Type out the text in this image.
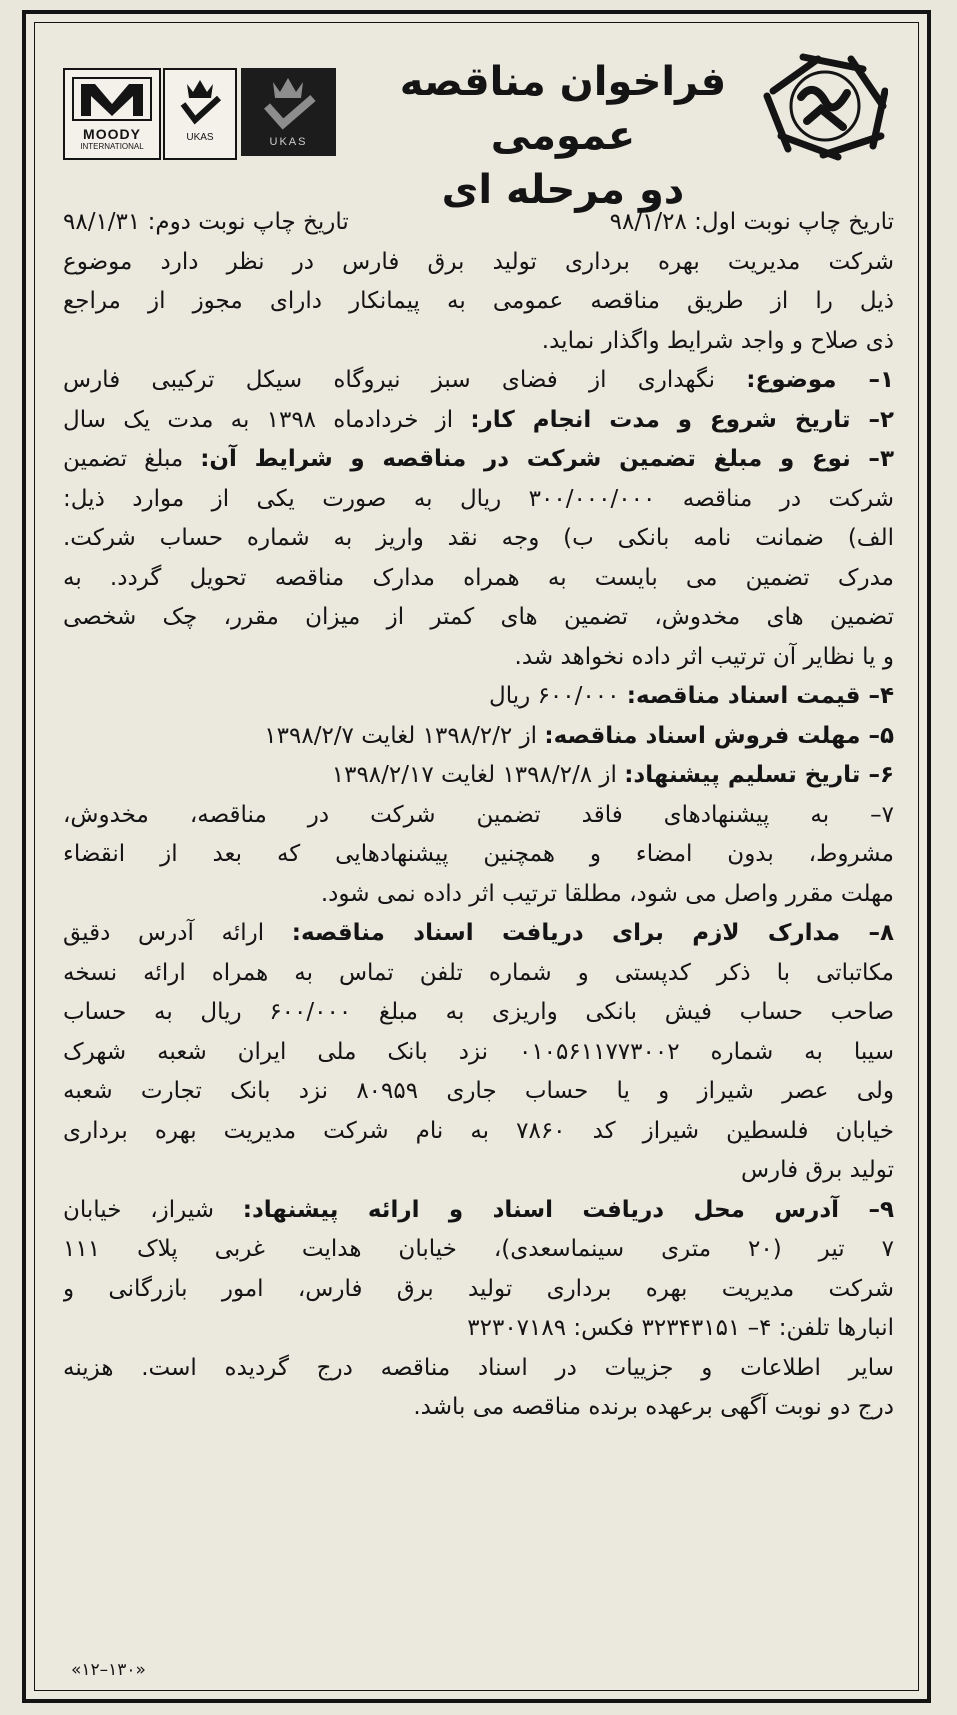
فراخوان مناقصه عمومی
دو مرحله ای
MOODY
INTERNATIONAL
UKAS	UKAS
تاریخ چاپ نوبت اول: ۹۸/۱/۲۸
تاریخ چاپ نوبت دوم: ۹۸/۱/۳۱
شرکت مدیریت بهره برداری تولید برق فارس در نظر دارد موضوع
ذیل را از طریق مناقصه عمومی به پیمانکار دارای مجوز از مراجع
ذی صلاح و واجد شرایط واگذار نماید.
۱– موضوع: نگهداری از فضای سبز نیروگاه سیکل ترکیبی فارس
۲– تاریخ شروع و مدت انجام کار: از خردادماه ۱۳۹۸ به مدت یک سال
۳– نوع و مبلغ تضمین شرکت در مناقصه و شرایط آن: مبلغ تضمین
شرکت در مناقصه ۳۰۰/۰۰۰/۰۰۰ ریال به صورت یکی از موارد ذیل:
الف) ضمانت نامه بانکی ب) وجه نقد واریز به شماره حساب شرکت.
مدرک تضمین می بایست به همراه مدارک مناقصه تحویل گردد. به
تضمین های مخدوش، تضمین های کمتر از میزان مقرر، چک شخصی
و یا نظایر آن ترتیب اثر داده نخواهد شد.
۴– قیمت اسناد مناقصه: ۶۰۰/۰۰۰ ریال
۵– مهلت فروش اسناد مناقصه: از ۱۳۹۸/۲/۲ لغایت ۱۳۹۸/۲/۷
۶– تاریخ تسلیم پیشنهاد: از ۱۳۹۸/۲/۸ لغایت ۱۳۹۸/۲/۱۷
۷– به پیشنهادهای فاقد تضمین شرکت در مناقصه، مخدوش،
مشروط، بدون امضاء و همچنین پیشنهادهایی که بعد از انقضاء
مهلت مقرر واصل می شود، مطلقا ترتیب اثر داده نمی شود.
۸– مدارک لازم برای دریافت اسناد مناقصه: ارائه آدرس دقیق
مکاتباتی با ذکر کدپستی و شماره تلفن تماس به همراه ارائه نسخه
صاحب حساب فیش بانکی واریزی به مبلغ ۶۰۰/۰۰۰ ریال به حساب
سیبا به شماره ۰۱۰۵۶۱۱۷۷۳۰۰۲ نزد بانک ملی ایران شعبه شهرک
ولی عصر شیراز و یا حساب جاری ۸۰۹۵۹ نزد بانک تجارت شعبه
خیابان فلسطین شیراز کد ۷۸۶۰ به نام شرکت مدیریت بهره برداری
تولید برق فارس
۹– آدرس محل دریافت اسناد و ارائه پیشنهاد: شیراز، خیابان
۷ تیر (۲۰ متری سینماسعدی)، خیابان هدایت غربی پلاک ۱۱۱
شرکت مدیریت بهره برداری تولید برق فارس، امور بازرگانی و
انبارها تلفن: ۴– ۳۲۳۴۳۱۵۱ فکس: ۳۲۳۰۷۱۸۹
سایر اطلاعات و جزییات در اسناد مناقصه درج گردیده است. هزینه
درج دو نوبت آگهی برعهده برنده مناقصه می باشد.
«۱۲–۱۳۰»
